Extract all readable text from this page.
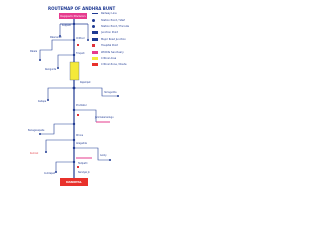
ROUTEMAP OF ANDHRA BUNT
Kuppam Division
NANDYAL
Railway Line
Station Point / Start
Station Point / Enroute
Junction Point
Major Road Junction
Hospital Point
Wildlife Sanctuary
Critical Area
Critical Zone / Route
Kuppam
Palamaner	Chittoor
Pakala
Tirupati
Renigunta
Rajampet
Kadapa
Yerraguntla
Proddatur
Jammalamadugu
Banaganapalle
Dhone
Kurnool
Allagadda
Gooty
Tadipatri
Cuddapah	Nandyal Jn
